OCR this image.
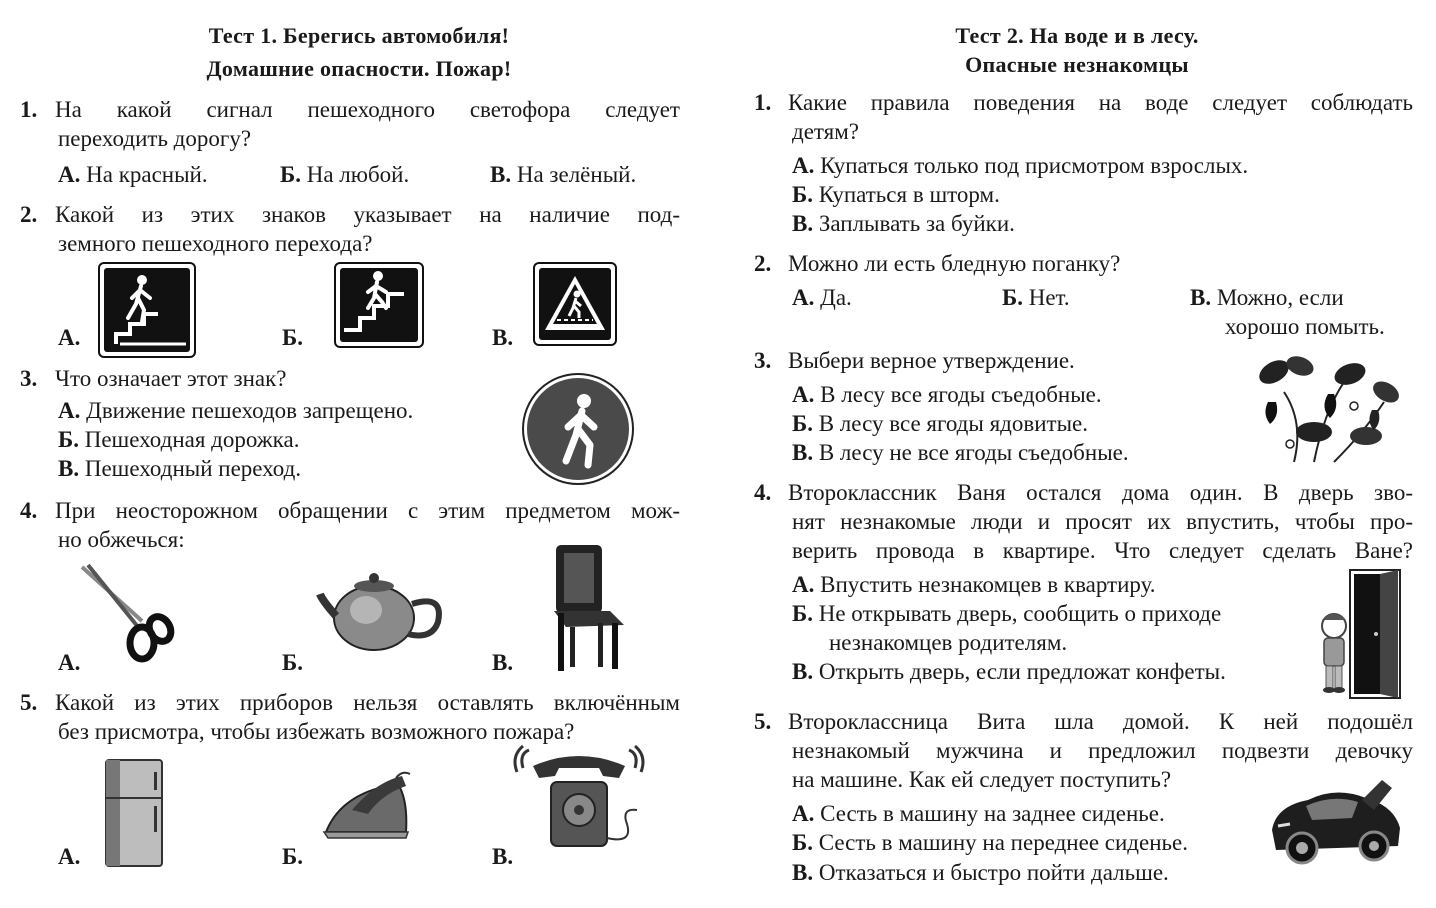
Тест 1. Берегись автомобиля!
Домашние опасности. Пожар!
1. На какой сигнал пешеходного светофора следует
переходить дорогу?
А. На красный.	Б. На любой.	В. На зелёный.
2. Какой из этих знаков указывает на наличие под-
земного пешеходного перехода?
А.	Б.	В.
3. Что означает этот знак?
А. Движение пешеходов запрещено.
Б. Пешеходная дорожка.
В. Пешеходный переход.
4. При неосторожном обращении с этим предметом мож-
но обжечься:
А.	Б.	В.
5. Какой из этих приборов нельзя оставлять включённым
без присмотра, чтобы избежать возможного пожара?
А.	Б.	В.
Тест 2. На воде и в лесу.
Опасные незнакомцы
1. Какие правила поведения на воде следует соблюдать
детям?
А. Купаться только под присмотром взрослых.
Б. Купаться в шторм.
В. Заплывать за буйки.
2. Можно ли есть бледную поганку?
А. Да.	Б. Нет.	В. Можно, если
хорошо помыть.
3. Выбери верное утверждение.
А. В лесу все ягоды съедобные.
Б. В лесу все ягоды ядовитые.
В. В лесу не все ягоды съедобные.
4. Второклассник Ваня остался дома один. В дверь зво-
нят незнакомые люди и просят их впустить, чтобы про-
верить провода в квартире. Что следует сделать Ване?
А. Впустить незнакомцев в квартиру.
Б. Не открывать дверь, сообщить о приходе
незнакомцев родителям.
В. Открыть дверь, если предложат конфеты.
5. Второклассница Вита шла домой. К ней подошёл
незнакомый мужчина и предложил подвезти девочку
на машине. Как ей следует поступить?
А. Сесть в машину на заднее сиденье.
Б. Сесть в машину на переднее сиденье.
В. Отказаться и быстро пойти дальше.
